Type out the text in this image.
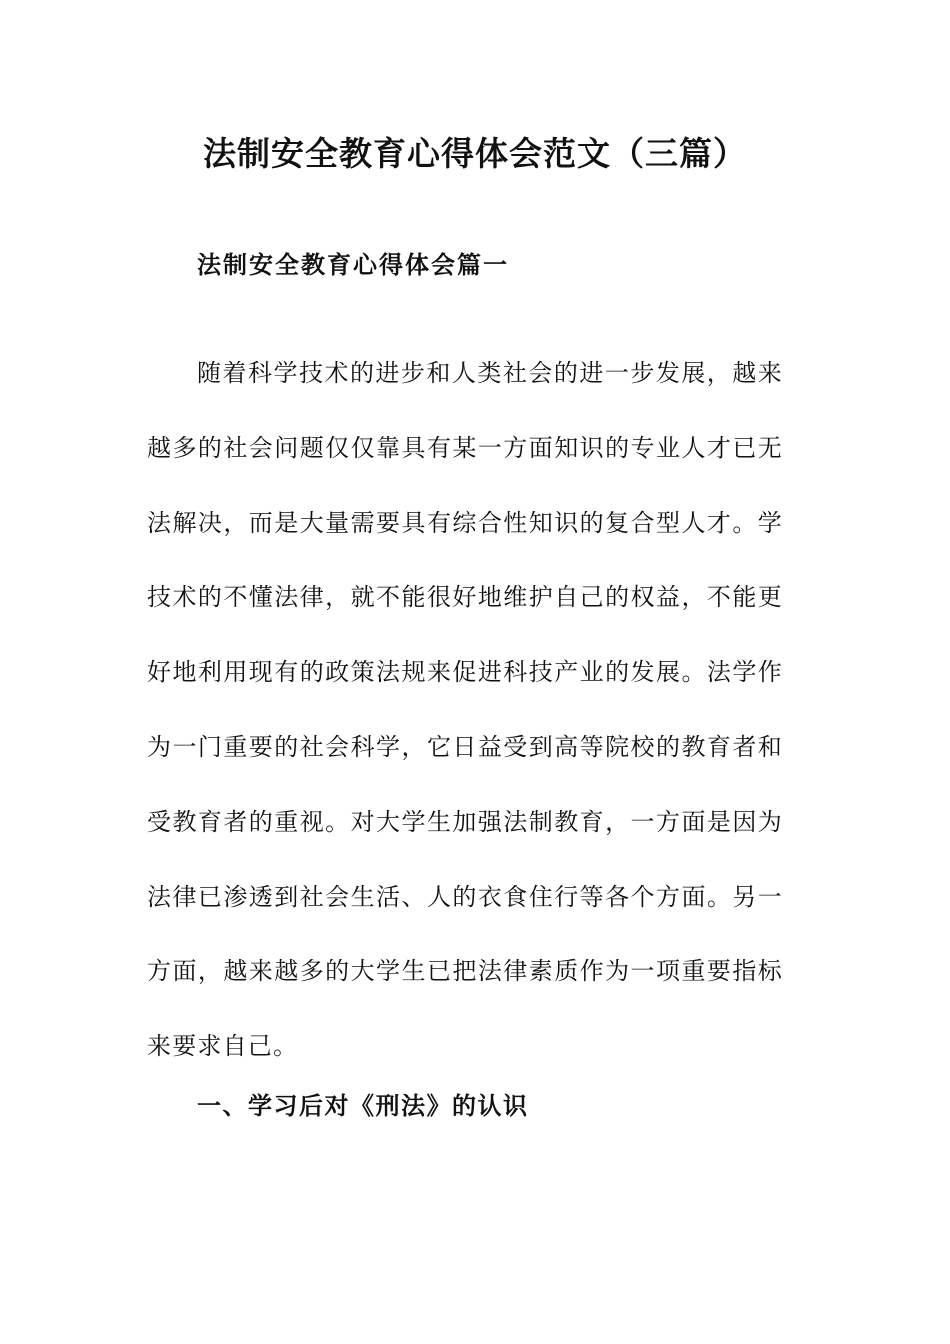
法制安全教育心得体会范文（三篇）
法制安全教育心得体会篇一

随着科学技术的进步和人类社会的进一步发展，越来越多的社会问题仅仅靠具有某一方面知识的专业人才已无法解决，而是大量需要具有综合性知识的复合型人才。学技术的不懂法律，就不能很好地维护自己的权益，不能更好地利用现有的政策法规来促进科技产业的发展。法学作为一门重要的社会科学，它日益受到高等院校的教育者和受教育者的重视。对大学生加强法制教育，一方面是因为法律已渗透到社会生活、人的衣食住行等各个方面。另一方面，越来越多的大学生已把法律素质作为一项重要指标来要求自己。

一、学习后对《刑法》的认识
